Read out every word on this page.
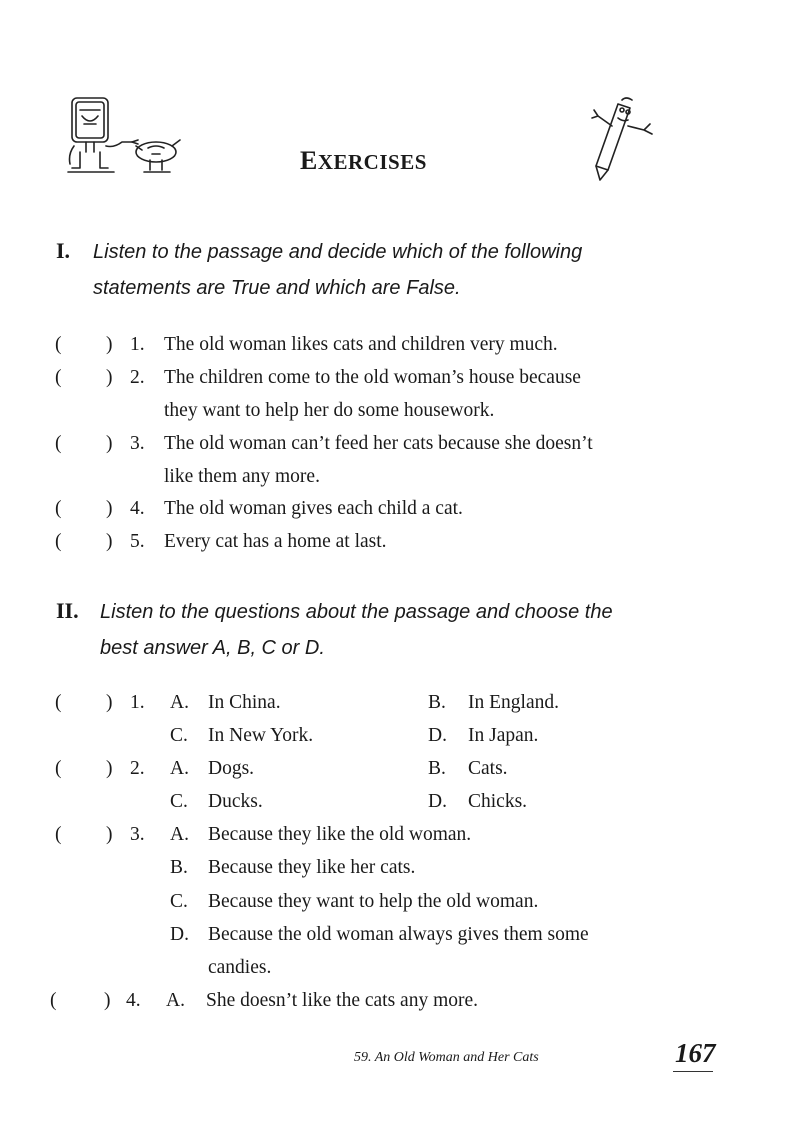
EXERCISES
I. Listen to the passage and decide which of the following
statements are True and which are False.
( ) 1. The old woman likes cats and children very much.
( ) 2. The children come to the old woman’s house because
they want to help her do some housework.
( ) 3. The old woman can’t feed her cats because she doesn’t
like them any more.
( ) 4. The old woman gives each child a cat.
( ) 5. Every cat has a home at last.
II. Listen to the questions about the passage and choose the
best answer A, B, C or D.
( ) 1. A. In China.	B. In England.
C. In New York.	D. In Japan.
( ) 2. A. Dogs.	B. Cats.
C. Ducks.	D. Chicks.
( ) 3. A. Because they like the old woman.
B. Because they like her cats.
C. Because they want to help the old woman.
D. Because the old woman always gives them some
candies.
( ) 4. A. She doesn’t like the cats any more.
59. An Old Woman and Her Cats	167
